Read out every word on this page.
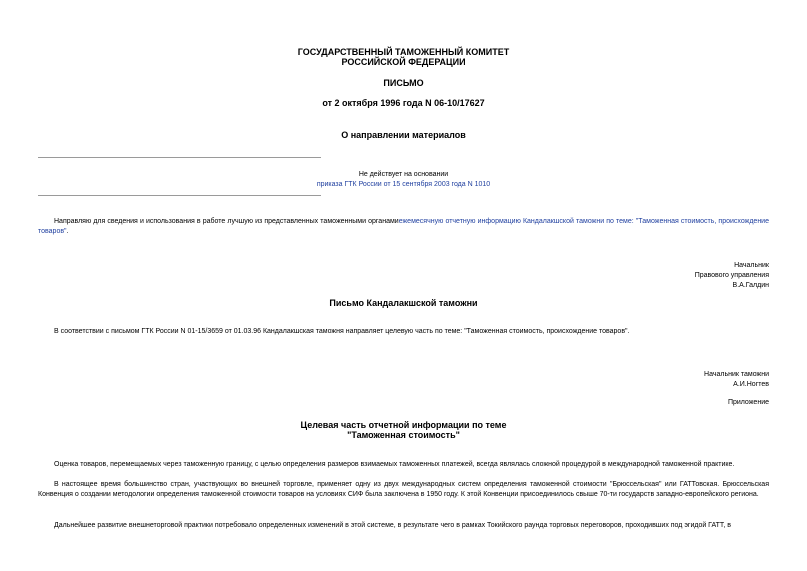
ГОСУДАРСТВЕННЫЙ ТАМОЖЕННЫЙ КОМИТЕТ
РОССИЙСКОЙ ФЕДЕРАЦИИ
ПИСЬМО
от 2 октября 1996 года N 06-10/17627
О направлении материалов
Не действует на основании
приказа ГТК России от 15 сентября 2003 года N 1010
Направляю для сведения и использования в работе лучшую из представленных таможенными органамиежемесячную отчетную информацию Кандалакшской таможни по теме: "Таможенная стоимость, происхождение товаров".
Начальник
Правового управления
В.А.Галдин
Письмо Кандалакшской таможни
В соответствии с письмом ГТК России N 01-15/3659 от 01.03.96 Кандалакшская таможня направляет целевую часть по теме: "Таможенная стоимость, происхождение товаров".
Начальник таможни
А.И.Ногтев
Приложение
Целевая часть отчетной информации по теме
"Таможенная стоимость"
Оценка товаров, перемещаемых через таможенную границу, с целью определения размеров взимаемых таможенных платежей, всегда являлась сложной процедурой в международной таможенной практике.
В настоящее время большинство стран, участвующих во внешней торговле, применяет одну из двух международных систем определения таможенной стоимости "Брюссельская" или ГАТТовская. Брюссельская Конвенция о создании методологии определения таможенной стоимости товаров на условиях СИФ была заключена в 1950 году. К этой Конвенции присоединилось свыше 70-ти государств западно-европейского региона.
Дальнейшее развитие внешнеторговой практики потребовало определенных изменений в этой системе, в результате чего в рамках Токийского раунда торговых переговоров, проходивших под эгидой ГАТТ, в
